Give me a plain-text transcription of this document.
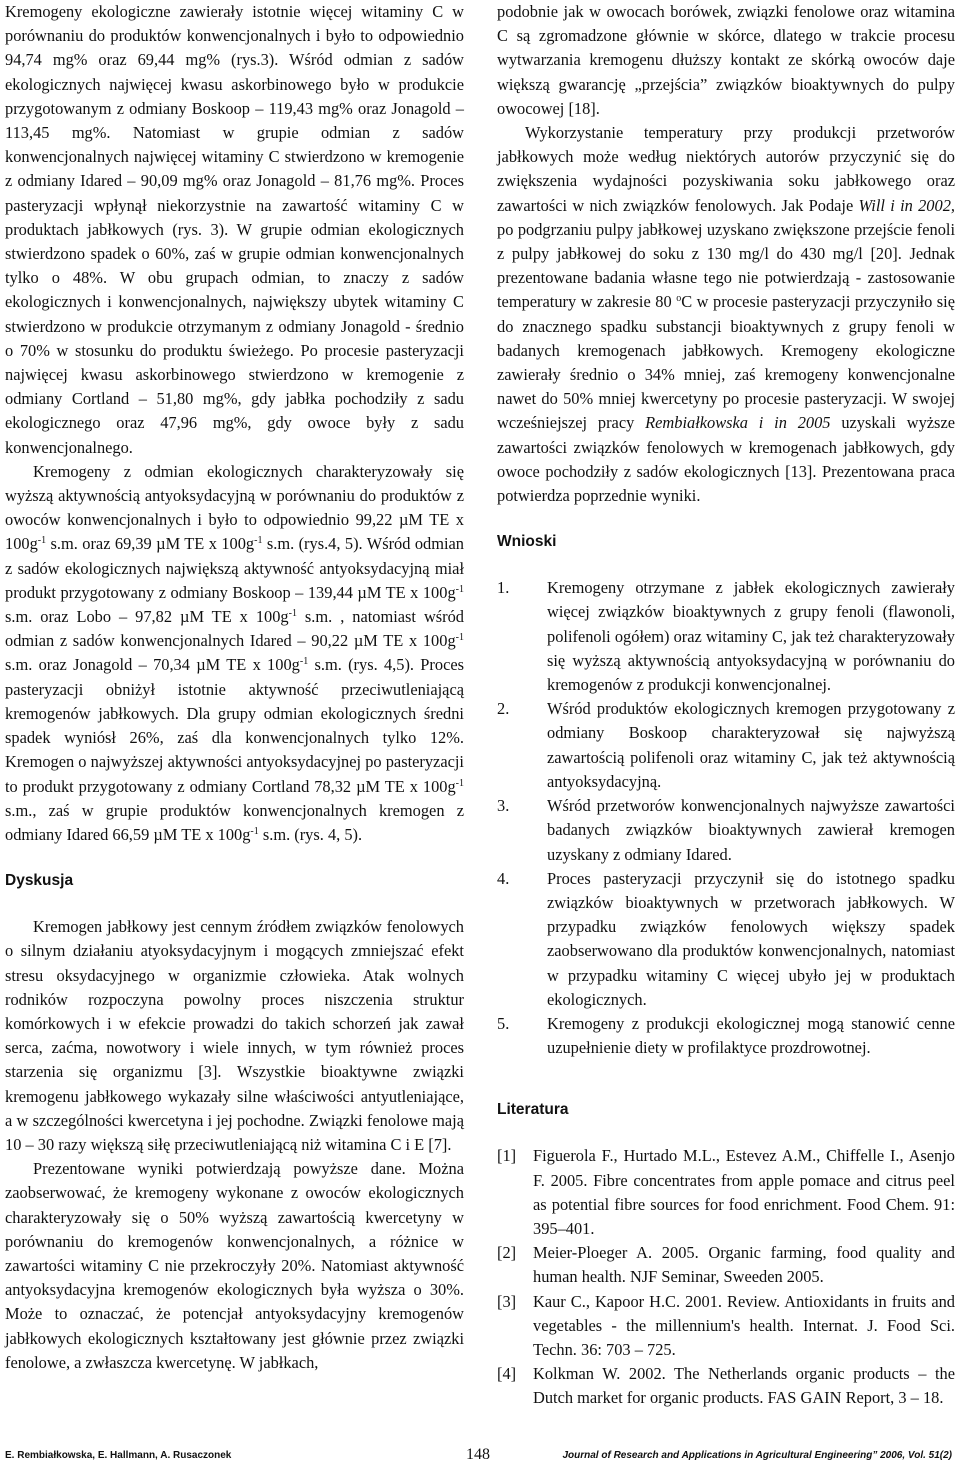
Kremogeny ekologiczne zawierały istotnie więcej witaminy C w porównaniu do produktów konwencjonalnych i było to odpowiednio 94,74 mg% oraz 69,44 mg% (rys.3). Wśród odmian z sadów ekologicznych najwięcej kwasu askorbinowego było w produkcie przygotowanym z odmiany Boskoop – 119,43 mg% oraz Jonagold – 113,45 mg%. Natomiast w grupie odmian z sadów konwencjonalnych najwięcej witaminy C stwierdzono w kremogenie z odmiany Idared – 90,09 mg% oraz Jonagold – 81,76 mg%. Proces pasteryzacji wpłynął niekorzystnie na zawartość witaminy C w produktach jabłkowych (rys. 3). W grupie odmian ekologicznych stwierdzono spadek o 60%, zaś w grupie odmian konwencjonalnych tylko o 48%. W obu grupach odmian, to znaczy z sadów ekologicznych i konwencjonalnych, największy ubytek witaminy C stwierdzono w produkcie otrzymanym z odmiany Jonagold - średnio o 70% w stosunku do produktu świeżego. Po procesie pasteryzacji najwięcej kwasu askorbinowego stwierdzono w kremogenie z odmiany Cortland – 51,80 mg%, gdy jabłka pochodziły z sadu ekologicznego oraz 47,96 mg%, gdy owoce były z sadu konwencjonalnego.

Kremogeny z odmian ekologicznych charakteryzowały się wyższą aktywnością antyoksydacyjną w porównaniu do produktów z owoców konwencjonalnych i było to odpowiednio 99,22 µM TE x $100g^{-1}$ s.m. oraz 69,39 µM TE x $100g^{-1}$ s.m. (rys.4, 5). Wśród odmian z sadów ekologicznych największą aktywność antyoksydacyjną miał produkt przygotowany z odmiany Boskoop – 139,44 µM TE x $100g^{-1}$ s.m. oraz Lobo – 97,82 µM TE x $100g^{-1}$ s.m. , natomiast wśród odmian z sadów konwencjonalnych Idared – 90,22 µM TE x $100g^{-1}$ s.m. oraz Jonagold – 70,34 µM TE x $100g^{-1}$ s.m. (rys. 4,5). Proces pasteryzacji obniżył istotnie aktywność przeciwutleniającą kremogenów jabłkowych. Dla grupy odmian ekologicznych średni spadek wyniósł 26%, zaś dla konwencjonalnych tylko 12%. Kremogen o najwyższej aktywności antyoksydacyjnej po pasteryzacji to produkt przygotowany z odmiany Cortland 78,32 µM TE x $100g^{-1}$ s.m., zaś w grupie produktów konwencjonalnych kremogen z odmiany Idared 66,59 µM TE x $100g^{-1}$ s.m. (rys. 4, 5).

Dyskusja

Kremogen jabłkowy jest cennym źródłem związków fenolowych o silnym działaniu atyoksydacyjnym i mogących zmniejszać efekt stresu oksydacyjnego w organizmie człowieka. Atak wolnych rodników rozpoczyna powolny proces niszczenia struktur komórkowych i w efekcie prowadzi do takich schorzeń jak zawał serca, zaćma, nowotwory i wiele innych, w tym również proces starzenia się organizmu [3]. Wszystkie bioaktywne związki kremogenu jabłkowego wykazały silne właściwości antyutleniające, a w szczególności kwercetyna i jej pochodne. Związki fenolowe mają 10 – 30 razy większą siłę przeciwutleniającą niż witamina C i E [7].

Prezentowane wyniki potwierdzają powyższe dane. Można zaobserwować, że kremogeny wykonane z owoców ekologicznych charakteryzowały się o 50% wyższą zawartością kwercetyny w porównaniu do kremogenów konwencjonalnych, a różnice w zawartości witaminy C nie przekroczyły 20%. Natomiast aktywność antyoksydacyjna kremogenów ekologicznych była wyższa o 30%. Może to oznaczać, że potencjał antyoksydacyjny kremogenów jabłkowych ekologicznych kształtowany jest głównie przez związki fenolowe, a zwłaszcza kwercetynę. W jabłkach,

podobnie jak w owocach borówek, związki fenolowe oraz witamina C są zgromadzone głównie w skórce, dlatego w trakcie procesu wytwarzania kremogenu dłuższy kontakt ze skórką owoców daje większą gwarancję „przejścia” związków bioaktywnych do pulpy owocowej [18].

Wykorzystanie temperatury przy produkcji przetworów jabłkowych może według niektórych autorów przyczynić się do zwiększenia wydajności pozyskiwania soku jabłkowego oraz zawartości w nich związków fenolowych. Jak Podaje Will i in 2002, po podgrzaniu pulpy jabłkowej uzyskano zwiększone przejście fenoli z pulpy jabłkowej do soku z 130 mg/l do 430 mg/l [20]. Jednak prezentowane badania własne tego nie potwierdzają - zastosowanie temperatury w zakresie 80 $^o$C w procesie pasteryzacji przyczyniło się do znacznego spadku substancji bioaktywnych z grupy fenoli w badanych kremogenach jabłkowych. Kremogeny ekologiczne zawierały średnio o 34% mniej, zaś kremogeny konwencjonalne nawet do 50% mniej kwercetyny po procesie pasteryzacji. W swojej wcześniejszej pracy Rembiałkowska i in 2005 uzyskali wyższe zawartości związków fenolowych w kremogenach jabłkowych, gdy owoce pochodziły z sadów ekologicznych [13]. Prezentowana praca potwierdza poprzednie wyniki.

Wnioski
1. Kremogeny otrzymane z jabłek ekologicznych zawierały więcej związków bioaktywnych z grupy fenoli (flawonoli, polifenoli ogółem) oraz witaminy C, jak też charakteryzowały się wyższą aktywnością antyoksydacyjną w porównaniu do kremogenów z produkcji konwencjonalnej.
2. Wśród produktów ekologicznych kremogen przygotowany z odmiany Boskoop charakteryzował się najwyższą zawartością polifenoli oraz witaminy C, jak też aktywnością antyoksydacyjną.
3. Wśród przetworów konwencjonalnych najwyższe zawartości badanych związków bioaktywnych zawierał kremogen uzyskany z odmiany Idared.
4. Proces pasteryzacji przyczynił się do istotnego spadku związków bioaktywnych w przetworach jabłkowych. W przypadku związków fenolowych większy spadek zaobserwowano dla produktów konwencjonalnych, natomiast w przypadku witaminy C więcej ubyło jej w produktach ekologicznych.
5. Kremogeny z produkcji ekologicznej mogą stanowić cenne uzupełnienie diety w profilaktyce prozdrowotnej.
Literatura
[1] Figuerola F., Hurtado M.L., Estevez A.M., Chiffelle I., Asenjo F. 2005. Fibre concentrates from apple pomace and citrus peel as potential fibre sources for food enrichment. Food Chem. 91: 395–401.
[2] Meier-Ploeger A. 2005. Organic farming, food quality and human health. NJF Seminar, Sweeden 2005.
[3] Kaur C., Kapoor H.C. 2001. Review. Antioxidants in fruits and vegetables - the millennium's health. Internat. J. Food Sci. Techn. 36: 703 – 725.
[4] Kolkman W. 2002. The Netherlands organic products – the Dutch market for organic products. FAS GAIN Report, 3 – 18.
E. Rembiałkowska, E. Hallmann, A. Rusaczonek	148	Journal of Research and Applications in Agricultural Engineering” 2006, Vol. 51(2)
